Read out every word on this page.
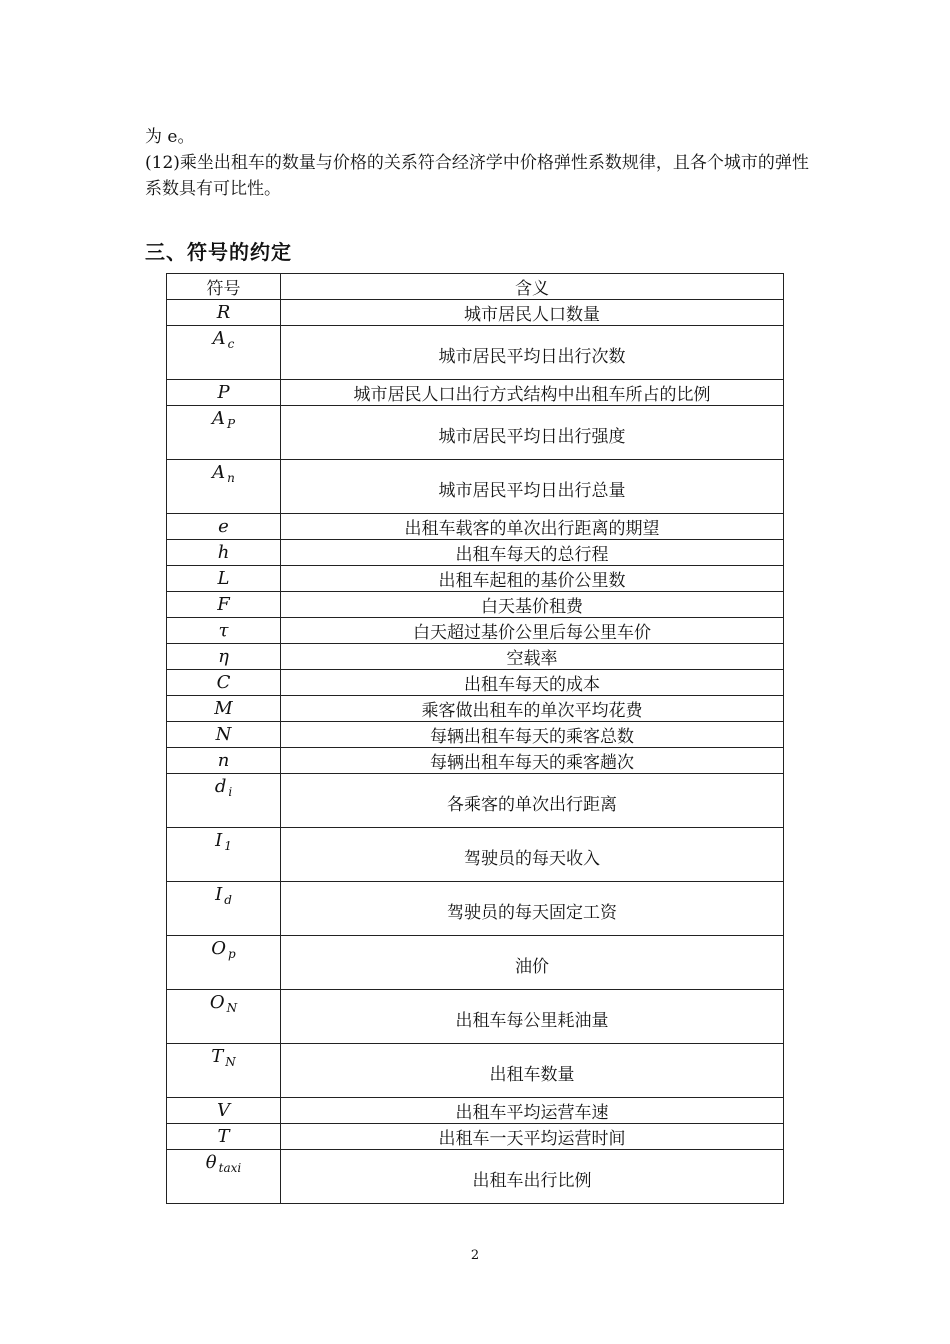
为 e。
(12)乘坐出租车的数量与价格的关系符合经济学中价格弹性系数规律，且各个城市的弹性系数具有可比性。
三、符号的约定
符号	含义
R	城市居民人口数量
A $_c$	城市居民平均日出行次数
P	城市居民人口出行方式结构中出租车所占的比例
A $_P$	城市居民平均日出行强度
A $_n$	城市居民平均日出行总量
e	出租车载客的单次出行距离的期望
h	出租车每天的总行程
L	出租车起租的基价公里数
F	白天基价租费
τ	白天超过基价公里后每公里车价
η	空载率
C	出租车每天的成本
M	乘客做出租车的单次平均花费
N	每辆出租车每天的乘客总数
n	每辆出租车每天的乘客趟次
d $_i$	各乘客的单次出行距离
I $_1$	驾驶员的每天收入
I $_d$	驾驶员的每天固定工资
O $_p$	油价
O $_N$	出租车每公里耗油量
T $_N$	出租车数量
V	出租车平均运营车速
T	出租车一天平均运营时间
θ $_{taxi}$	出租车出行比例
2
